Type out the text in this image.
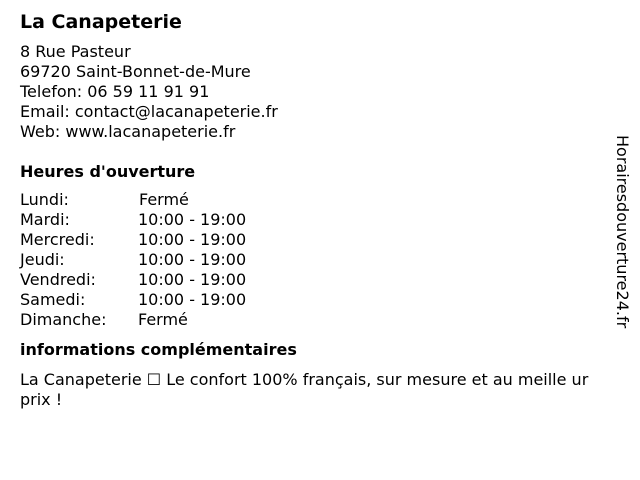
La Canapeterie
8 Rue Pasteur
69720 Saint-Bonnet-de-Mure
Telefon: 06 59 11 91 91
Email: contact@lacanapeterie.fr
Web: www.lacanapeterie.fr
Heures d'ouverture
Lundi:	Fermé
Mardi:	10:00 - 19:00
Mercredi:	10:00 - 19:00
Jeudi:	10:00 - 19:00
Vendredi:	10:00 - 19:00
Samedi:	10:00 - 19:00
Dimanche: Fermé
informations complémentaires
La Canapeterie ☐ Le confort 100% français, sur mesure et au meille ur prix !
Horairesdouverture24.fr
